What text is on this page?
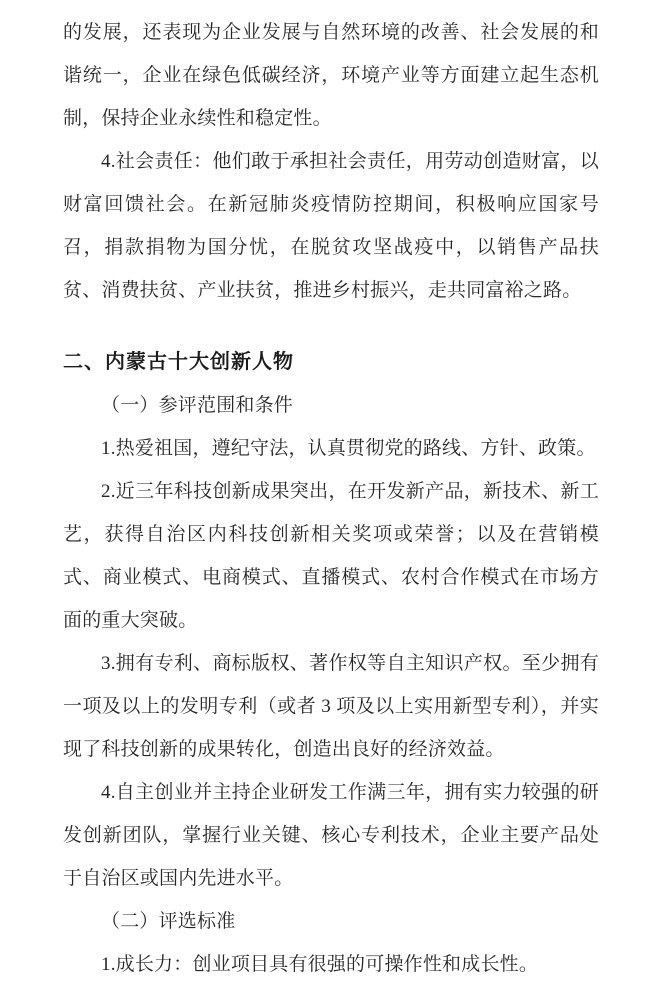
的发展，还表现为企业发展与自然环境的改善、社会发展的和谐统一，企业在绿色低碳经济，环境产业等方面建立起生态机制，保持企业永续性和稳定性。

4.社会责任：他们敢于承担社会责任，用劳动创造财富，以财富回馈社会。在新冠肺炎疫情防控期间，积极响应国家号召，捐款捐物为国分忧，在脱贫攻坚战疫中，以销售产品扶贫、消费扶贫、产业扶贫，推进乡村振兴，走共同富裕之路。

二、内蒙古十大创新人物

（一）参评范围和条件

1.热爱祖国，遵纪守法，认真贯彻党的路线、方针、政策。

2.近三年科技创新成果突出，在开发新产品，新技术、新工艺，获得自治区内科技创新相关奖项或荣誉；以及在营销模式、商业模式、电商模式、直播模式、农村合作模式在市场方面的重大突破。

3.拥有专利、商标版权、著作权等自主知识产权。至少拥有一项及以上的发明专利（或者 3 项及以上实用新型专利），并实现了科技创新的成果转化，创造出良好的经济效益。

4.自主创业并主持企业研发工作满三年，拥有实力较强的研发创新团队，掌握行业关键、核心专利技术，企业主要产品处于自治区或国内先进水平。

（二）评选标准

1.成长力：创业项目具有很强的可操作性和成长性。
